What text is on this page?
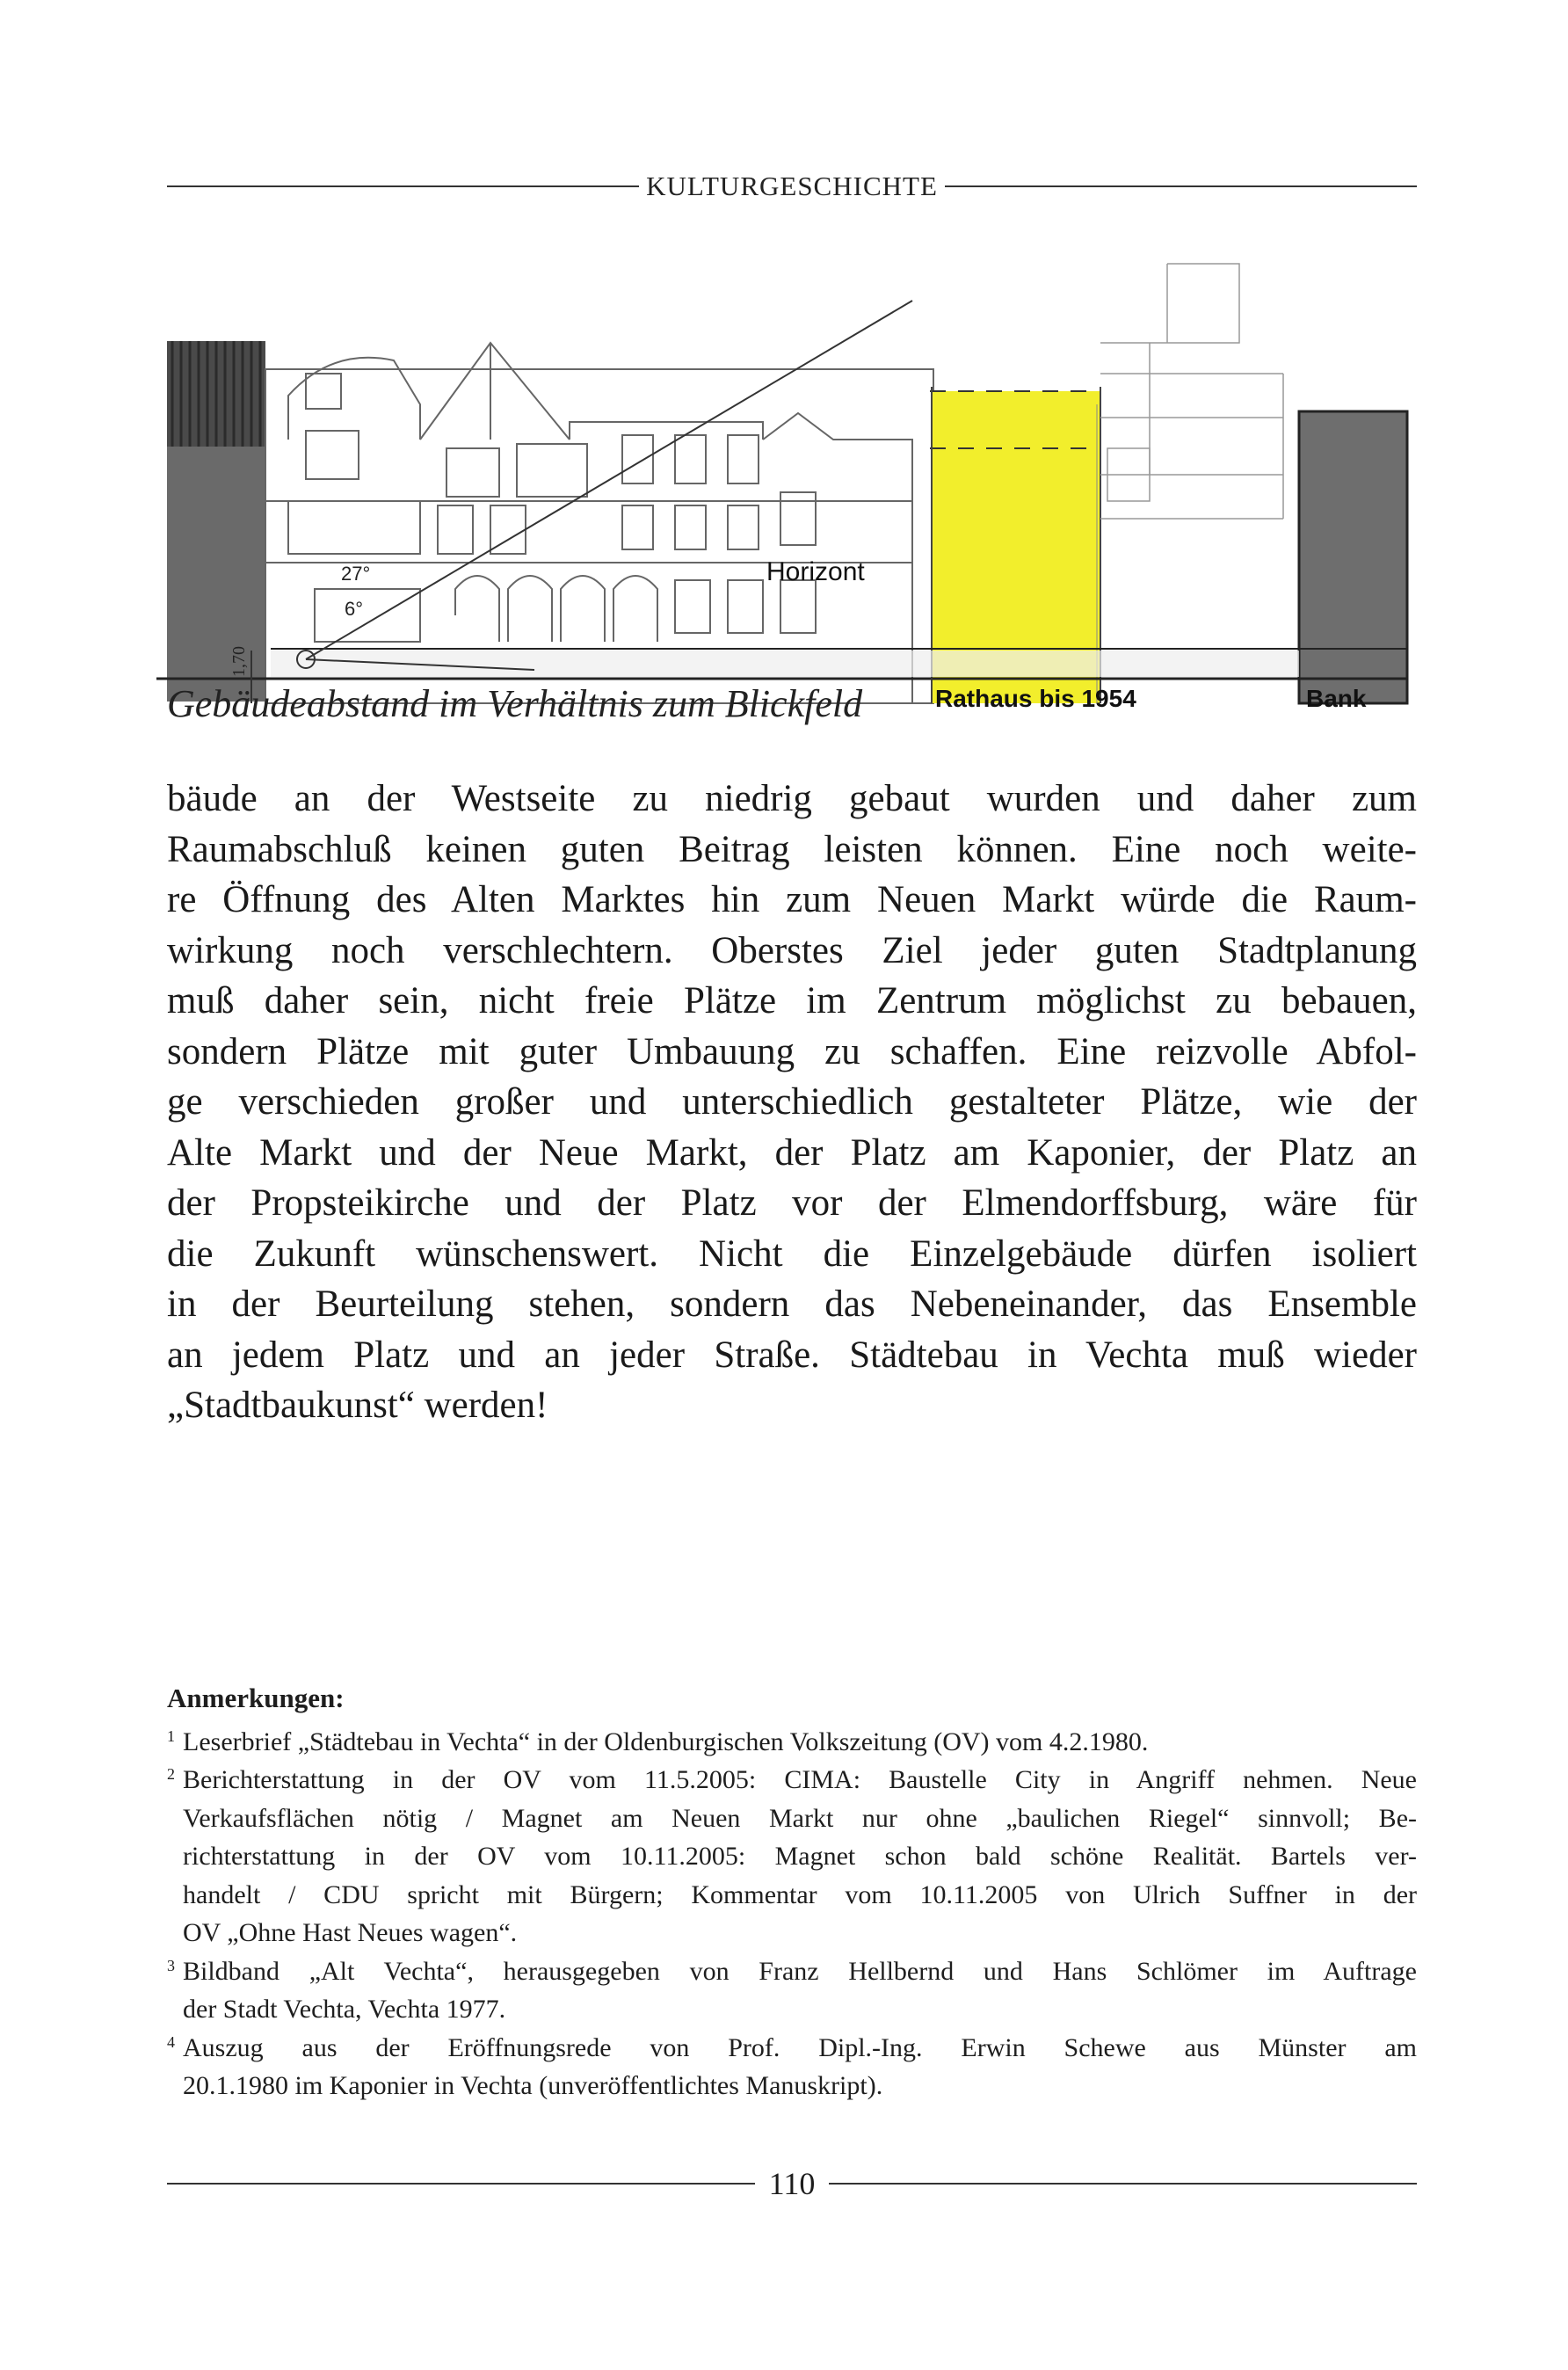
KULTURGESCHICHTE
1,70
27°
6°
Horizont
Rathaus bis 1954	Bank
Gebäudeabstand im Verhältnis zum Blickfeld
bäude an der Westseite zu niedrig gebaut wurden und daher zum
Raumabschluß keinen guten Beitrag leisten können. Eine noch weite-
re Öffnung des Alten Marktes hin zum Neuen Markt würde die Raum-
wirkung noch verschlechtern. Oberstes Ziel jeder guten Stadtplanung
muß daher sein, nicht freie Plätze im Zentrum möglichst zu bebauen,
sondern Plätze mit guter Umbauung zu schaffen. Eine reizvolle Abfol-
ge verschieden großer und unterschiedlich gestalteter Plätze, wie der
Alte Markt und der Neue Markt, der Platz am Kaponier, der Platz an
der Propsteikirche und der Platz vor der Elmendorffsburg, wäre für
die Zukunft wünschenswert. Nicht die Einzelgebäude dürfen isoliert
in der Beurteilung stehen, sondern das Nebeneinander, das Ensemble
an jedem Platz und an jeder Straße. Städtebau in Vechta muß wieder
„Stadtbaukunst“ werden!
Anmerkungen:
1 Leserbrief „Städtebau in Vechta“ in der Oldenburgischen Volkszeitung (OV) vom 4.2.1980.
2 Berichterstattung in der OV vom 11.5.2005: CIMA: Baustelle City in Angriff nehmen. Neue
Verkaufsflächen nötig / Magnet am Neuen Markt nur ohne „baulichen Riegel“ sinnvoll; Be-
richterstattung in der OV vom 10.11.2005: Magnet schon bald schöne Realität. Bartels ver-
handelt / CDU spricht mit Bürgern; Kommentar vom 10.11.2005 von Ulrich Suffner in der
OV „Ohne Hast Neues wagen“.
3 Bildband „Alt Vechta“, herausgegeben von Franz Hellbernd und Hans Schlömer im Auftrage
der Stadt Vechta, Vechta 1977.
4 Auszug aus der Eröffnungsrede von Prof. Dipl.-Ing. Erwin Schewe aus Münster am
20.1.1980 im Kaponier in Vechta (unveröffentlichtes Manuskript).
110
